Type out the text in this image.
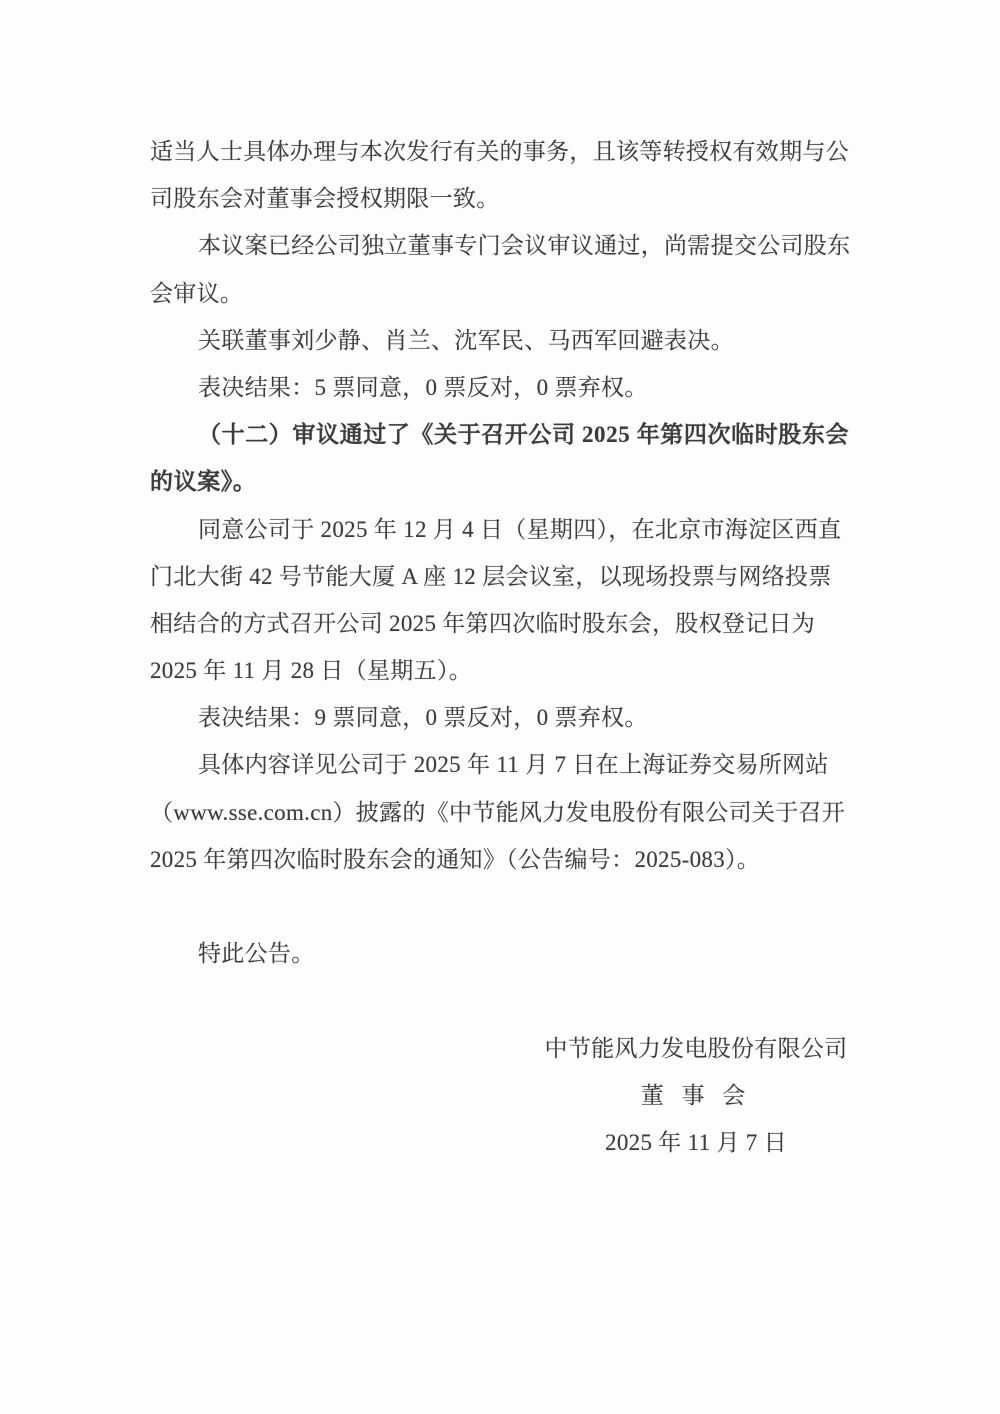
适当人士具体办理与本次发行有关的事务，且该等转授权有效期与公
司股东会对董事会授权期限一致。
本议案已经公司独立董事专门会议审议通过，尚需提交公司股东
会审议。
关联董事刘少静、肖兰、沈军民、马西军回避表决。
表决结果：5 票同意，0 票反对，0 票弃权。
（十二）审议通过了《关于召开公司 2025 年第四次临时股东会
的议案》。
同意公司于 2025 年 12 月 4 日（星期四），在北京市海淀区西直
门北大街 42 号节能大厦 A 座 12 层会议室，以现场投票与网络投票
相结合的方式召开公司 2025 年第四次临时股东会，股权登记日为
2025 年 11 月 28 日（星期五）。
表决结果：9 票同意，0 票反对，0 票弃权。
具体内容详见公司于 2025 年 11 月 7 日在上海证券交易所网站
（www.sse.com.cn）披露的《中节能风力发电股份有限公司关于召开
2025 年第四次临时股东会的通知》（公告编号：2025-083）。
特此公告。
中节能风力发电股份有限公司
董 事 会
2025 年 11 月 7 日
